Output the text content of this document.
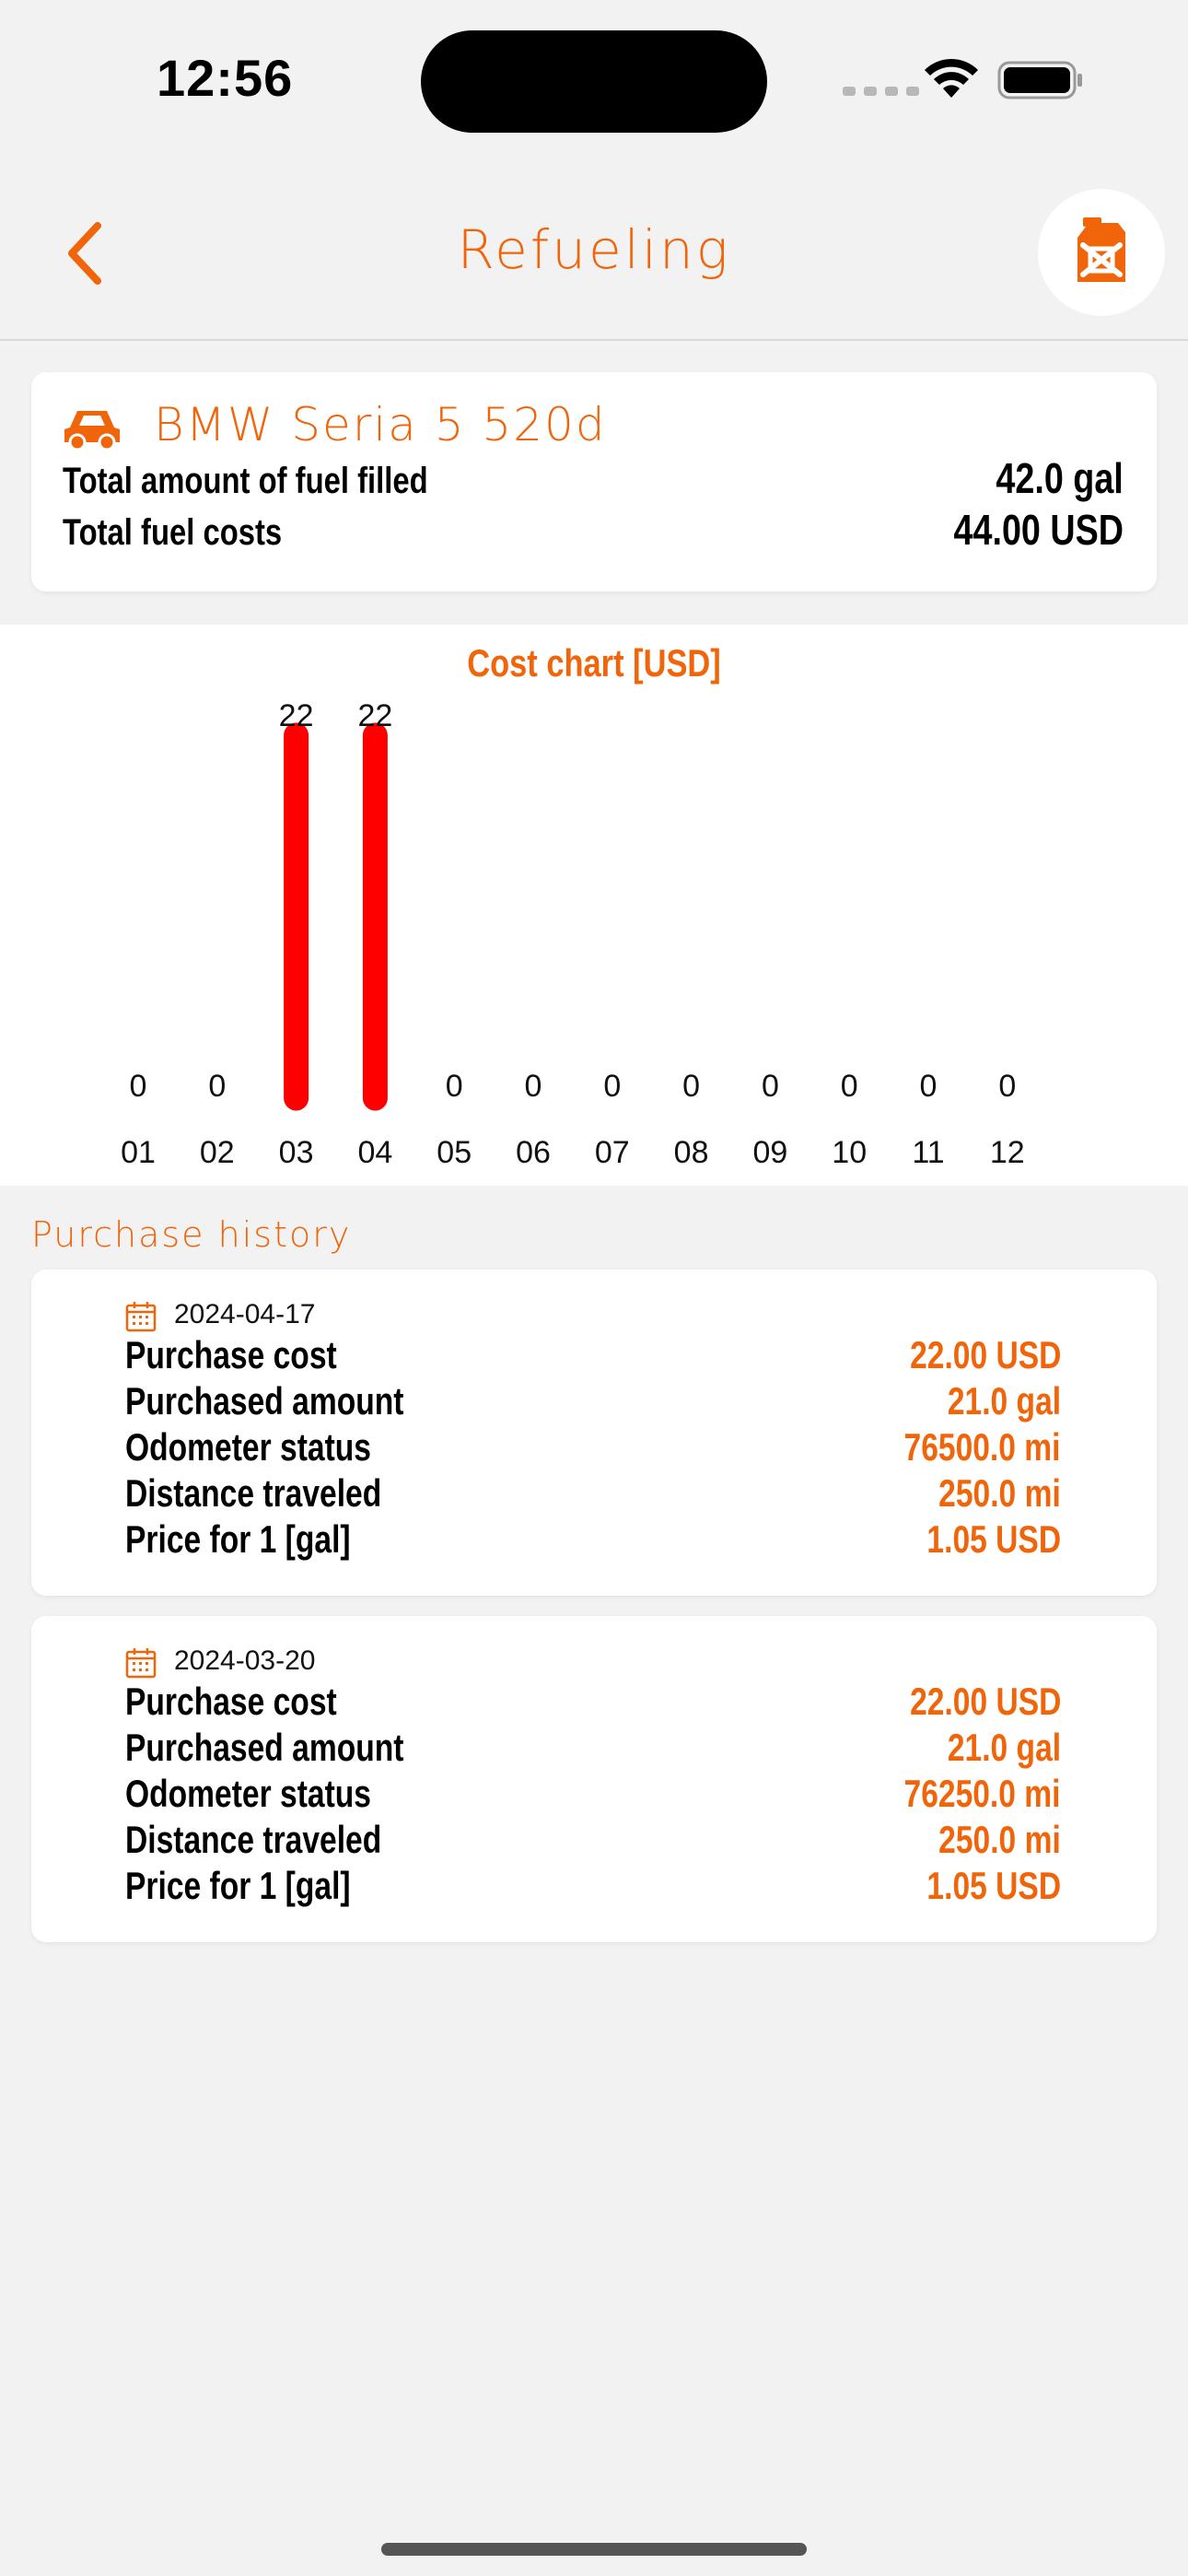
12:56
Refueling
BMW Seria 5 520d
Total amount of fuel filled	42.0 gal
Total fuel costs	44.00 USD
0
01
0
02
22
03
22
04
0
05
0
06
0
07
0
08
0
09
0
10
0
11
0
12
Cost chart [USD]
Purchase history
2024-04-17
Purchase cost	22.00 USD
Purchased amount	21.0 gal
Odometer status	76500.0 mi
Distance traveled	250.0 mi
Price for 1 [gal]	1.05 USD
2024-03-20
Purchase cost	22.00 USD
Purchased amount	21.0 gal
Odometer status	76250.0 mi
Distance traveled	250.0 mi
Price for 1 [gal]	1.05 USD
